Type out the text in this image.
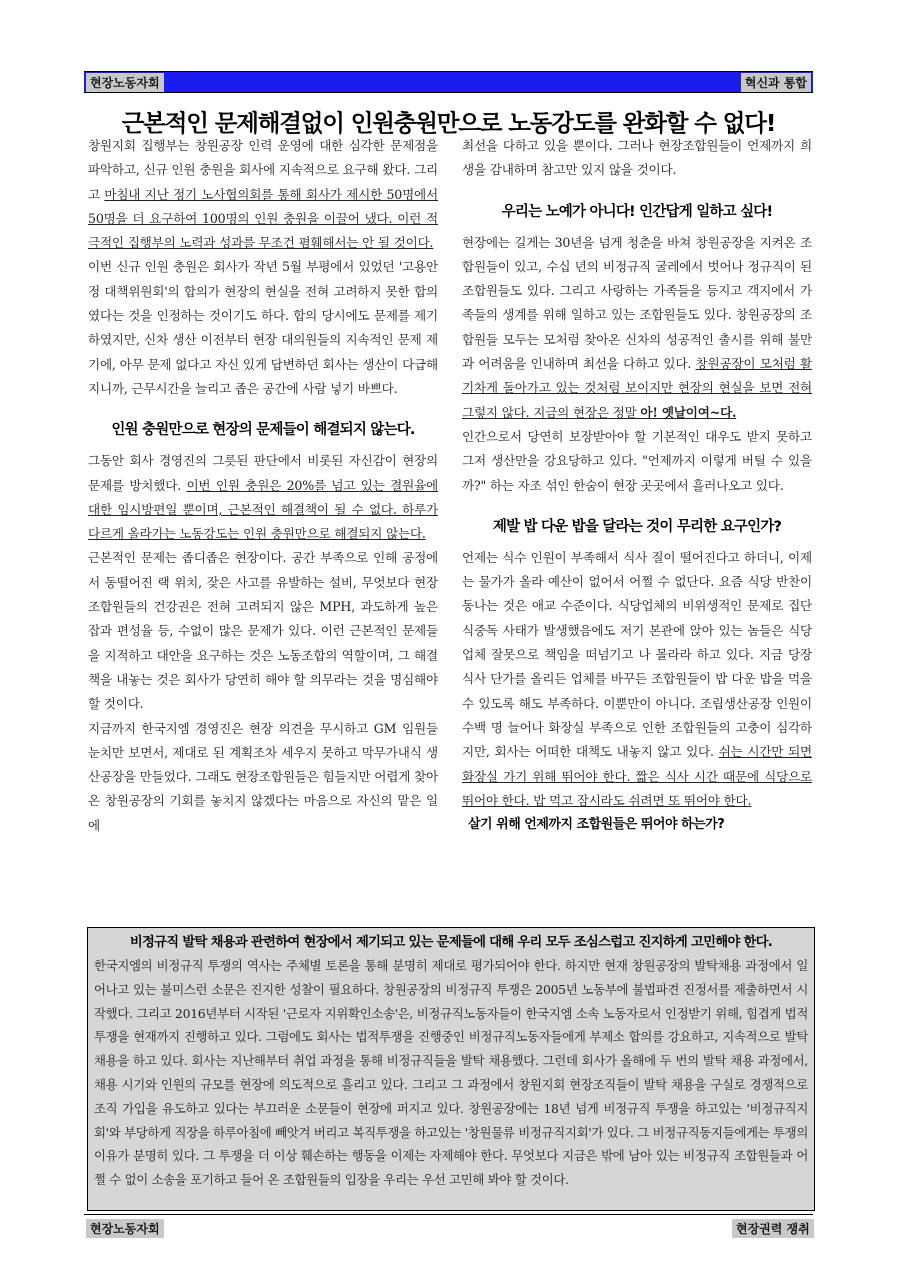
현장노동자회	혁신과 통합
근본적인 문제해결없이 인원충원만으로 노동강도를 완화할 수 없다!

창원지회 집행부는 창원공장 인력 운영에 대한 심각한 문제점을 파악하고, 신규 인원 충원을 회사에 지속적으로 요구해 왔다. 그리고 마침내 지난 정기 노사협의회를 통해 회사가 제시한 50명에서 50명을 더 요구하여 100명의 인원 충원을 이끌어 냈다. 이런 적극적인 집행부의 노력과 성과를 무조건 폄훼해서는 안 될 것이다.

이번 신규 인원 충원은 회사가 작년 5월 부평에서 있었던 '고용안정 대책위원회'의 합의가 현장의 현실을 전혀 고려하지 못한 합의였다는 것을 인정하는 것이기도 하다. 합의 당시에도 문제를 제기하였지만, 신차 생산 이전부터 현장 대의원들의 지속적인 문제 제기에, 아무 문제 없다고 자신 있게 답변하던 회사는 생산이 다급해지니까, 근무시간을 늘리고 좁은 공간에 사람 넣기 바쁘다.

인원 충원만으로 현장의 문제들이 해결되지 않는다.

그동안 회사 경영진의 그릇된 판단에서 비롯된 자신감이 현장의 문제를 방치했다. 이번 인원 충원은 20%를 넘고 있는 결원율에 대한 임시방편일 뿐이며, 근본적인 해결책이 될 수 없다. 하루가 다르게 올라가는 노동강도는 인원 충원만으로 해결되지 않는다.

근본적인 문제는 좁디좁은 현장이다. 공간 부족으로 인해 공정에서 동떨어진 랙 위치, 잦은 사고를 유발하는 설비, 무엇보다 현장조합원들의 건강권은 전혀 고려되지 않은 MPH, 과도하게 높은 잡과 편성율 등, 수없이 많은 문제가 있다. 이런 근본적인 문제들을 지적하고 대안을 요구하는 것은 노동조합의 역할이며, 그 해결책을 내놓는 것은 회사가 당연히 해야 할 의무라는 것을 명심해야 할 것이다.

지금까지 한국지엠 경영진은 현장 의견을 무시하고 GM 임원들 눈치만 보면서, 제대로 된 계획조차 세우지 못하고 막무가내식 생산공장을 만들었다. 그래도 현장조합원들은 힘들지만 어렵게 찾아온 창원공장의 기회를 놓치지 않겠다는 마음으로 자신의 맡은 일에

최선을 다하고 있을 뿐이다. 그러나 현장조합원들이 언제까지 희생을 감내하며 참고만 있지 않을 것이다.

우리는 노예가 아니다! 인간답게 일하고 싶다!

현장에는 길게는 30년을 넘게 청춘을 바쳐 창원공장을 지켜온 조합원들이 있고, 수십 년의 비정규직 굴레에서 벗어나 정규직이 된 조합원들도 있다. 그리고 사랑하는 가족들을 등지고 객지에서 가족들의 생계를 위해 일하고 있는 조합원들도 있다. 창원공장의 조합원들 모두는 모처럼 찾아온 신차의 성공적인 출시를 위해 불만과 어려움을 인내하며 최선을 다하고 있다. 창원공장이 모처럼 활기차게 돌아가고 있는 것처럼 보이지만 현장의 현실을 보면 전혀 그렇지 않다. 지금의 현장은 정말 아! 옛날이여~다.

인간으로서 당연히 보장받아야 할 기본적인 대우도 받지 못하고 그저 생산만을 강요당하고 있다. "언제까지 이렇게 버틸 수 있을까?" 하는 자조 섞인 한숨이 현장 곳곳에서 흘러나오고 있다.

제발 밥 다운 밥을 달라는 것이 무리한 요구인가?

언제는 식수 인원이 부족해서 식사 질이 떨어진다고 하더니, 이제는 물가가 올라 예산이 없어서 어쩔 수 없단다. 요즘 식당 반찬이 동나는 것은 애교 수준이다. 식당업체의 비위생적인 문제로 집단 식중독 사태가 발생했음에도 저기 본관에 앉아 있는 놈들은 식당업체 잘못으로 책임을 떠넘기고 나 몰라라 하고 있다. 지금 당장 식사 단가를 올리든 업체를 바꾸든 조합원들이 밥 다운 밥을 먹을 수 있도록 해도 부족하다. 이뿐만이 아니다. 조립생산공장 인원이 수백 명 늘어나 화장실 부족으로 인한 조합원들의 고충이 심각하지만, 회사는 어떠한 대책도 내놓지 않고 있다. 쉬는 시간만 되면 화장실 가기 위해 뛰어야 한다. 짧은 식사 시간 때문에 식당으로 뛰어야 한다. 밥 먹고 잠시라도 쉬려면 또 뛰어야 한다.

살기 위해 언제까지 조합원들은 뛰어야 하는가?
비정규직 발탁 채용과 관련하여 현장에서 제기되고 있는 문제들에 대해 우리 모두 조심스럽고 진지하게 고민해야 한다.
한국지엠의 비정규직 투쟁의 역사는 주체별 토론을 통해 분명히 제대로 평가되어야 한다. 하지만 현재 창원공장의 발탁채용 과정에서 일어나고 있는 불미스런 소문은 진지한 성찰이 필요하다. 창원공장의 비정규직 투쟁은 2005년 노동부에 불법파견 진정서를 제출하면서 시작했다. 그리고 2016년부터 시작된 '근로자 지위확인소송'은, 비정규직노동자들이 한국지엠 소속 노동자로서 인정받기 위해, 힘겹게 법적투쟁을 현재까지 진행하고 있다. 그럼에도 회사는 법적투쟁을 진행중인 비정규직노동자들에게 부제소 합의를 강요하고, 지속적으로 발탁 채용을 하고 있다. 회사는 지난해부터 취업 과정을 통해 비정규직들을 발탁 채용했다. 그런데 회사가 올해에 두 번의 발탁 채용 과정에서, 채용 시기와 인원의 규모를 현장에 의도적으로 흘리고 있다. 그리고 그 과정에서 창원지회 현장조직들이 발탁 채용을 구실로 경쟁적으로 조직 가입을 유도하고 있다는 부끄러운 소문들이 현장에 퍼지고 있다. 창원공장에는 18년 넘게 비정규직 투쟁을 하고있는 '비정규직지회'와 부당하게 직장을 하루아침에 빼앗겨 버리고 복직투쟁을 하고있는 '창원물류 비정규직지회'가 있다. 그 비정규직동지들에게는 투쟁의 이유가 분명히 있다. 그 투쟁을 더 이상 훼손하는 행동을 이제는 자제해야 한다. 무엇보다 지금은 밖에 남아 있는 비정규직 조합원들과 어쩔 수 없이 소송을 포기하고 들어 온 조합원들의 입장을 우리는 우선 고민해 봐야 할 것이다.
현장노동자회	현장권력 쟁취
